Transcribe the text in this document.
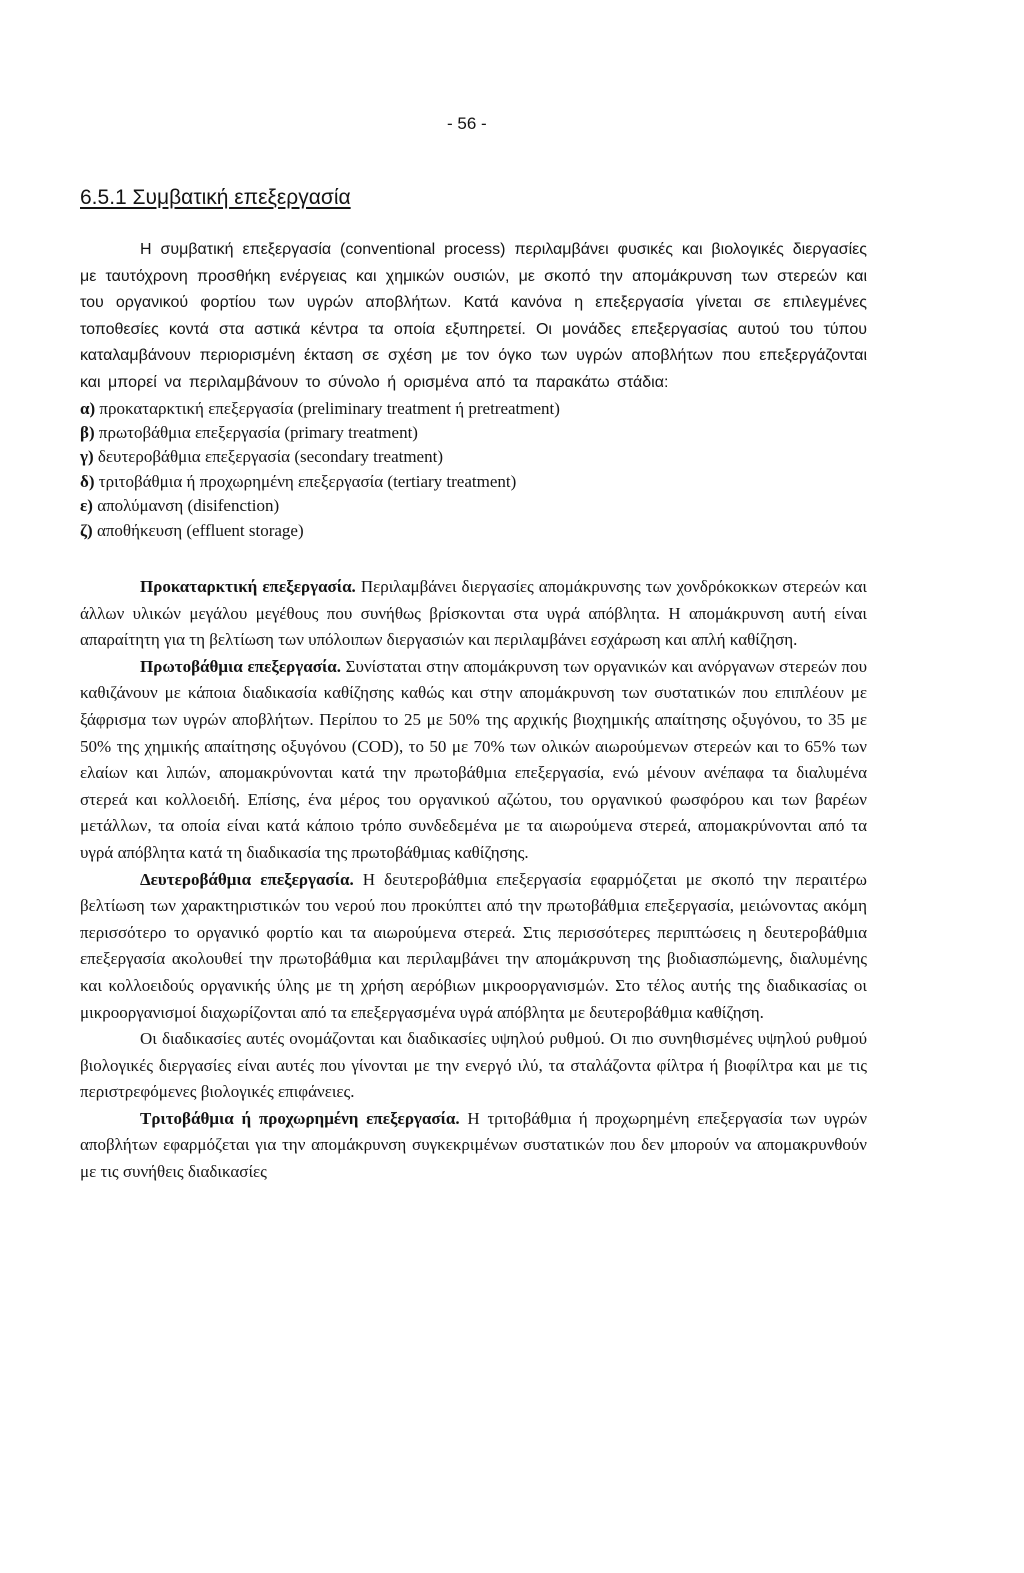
- 56 -
6.5.1 Συμβατική επεξεργασία

Η συμβατική επεξεργασία (conventional process) περιλαμβάνει φυσικές και βιολογικές διεργασίες με ταυτόχρονη προσθήκη ενέργειας και χημικών ουσιών, με σκοπό την απομάκρυνση των στερεών και του οργανικού φορτίου των υγρών αποβλήτων. Κατά κανόνα η επεξεργασία γίνεται σε επιλεγμένες τοποθεσίες κοντά στα αστικά κέντρα τα οποία εξυπηρετεί. Οι μονάδες επεξεργασίας αυτού του τύπου καταλαμβάνουν περιορισμένη έκταση σε σχέση με τον όγκο των υγρών αποβλήτων που επεξεργάζονται και μπορεί να περιλαμβάνουν το σύνολο ή ορισμένα από τα παρακάτω στάδια:

α) προκαταρκτική επεξεργασία (preliminary treatment ή pretreatment)
β) πρωτοβάθμια επεξεργασία (primary treatment)
γ) δευτεροβάθμια επεξεργασία (secondary treatment)
δ) τριτοβάθμια ή προχωρημένη επεξεργασία (tertiary treatment)
ε) απολύμανση (disifenction)
ζ) αποθήκευση (effluent storage)

Προκαταρκτική επεξεργασία. Περιλαμβάνει διεργασίες απομάκρυνσης των χονδρόκοκκων στερεών και άλλων υλικών μεγάλου μεγέθους που συνήθως βρίσκονται στα υγρά απόβλητα. Η απομάκρυνση αυτή είναι απαραίτητη για τη βελτίωση των υπόλοιπων διεργασιών και περιλαμβάνει εσχάρωση και απλή καθίζηση.

Πρωτοβάθμια επεξεργασία. Συνίσταται στην απομάκρυνση των οργανικών και ανόργανων στερεών που καθιζάνουν με κάποια διαδικασία καθίζησης καθώς και στην απομάκρυνση των συστατικών που επιπλέουν με ξάφρισμα των υγρών αποβλήτων. Περίπου το 25 με 50% της αρχικής βιοχημικής απαίτησης οξυγόνου, το 35 με 50% της χημικής απαίτησης οξυγόνου (COD), το 50 με 70% των ολικών αιωρούμενων στερεών και το 65% των ελαίων και λιπών, απομακρύνονται κατά την πρωτοβάθμια επεξεργασία, ενώ μένουν ανέπαφα τα διαλυμένα στερεά και κολλοειδή. Επίσης, ένα μέρος του οργανικού αζώτου, του οργανικού φωσφόρου και των βαρέων μετάλλων, τα οποία είναι κατά κάποιο τρόπο συνδεδεμένα με τα αιωρούμενα στερεά, απομακρύνονται από τα υγρά απόβλητα κατά τη διαδικασία της πρωτοβάθμιας καθίζησης.

Δευτεροβάθμια επεξεργασία. Η δευτεροβάθμια επεξεργασία εφαρμόζεται με σκοπό την περαιτέρω βελτίωση των χαρακτηριστικών του νερού που προκύπτει από την πρωτοβάθμια επεξεργασία, μειώνοντας ακόμη περισσότερο το οργανικό φορτίο και τα αιωρούμενα στερεά. Στις περισσότερες περιπτώσεις η δευτεροβάθμια επεξεργασία ακολουθεί την πρωτοβάθμια και περιλαμβάνει την απομάκρυνση της βιοδιασπώμενης, διαλυμένης και κολλοειδούς οργανικής ύλης με τη χρήση αερόβιων μικροοργανισμών. Στο τέλος αυτής της διαδικασίας οι μικροοργανισμοί διαχωρίζονται από τα επεξεργασμένα υγρά απόβλητα με δευτεροβάθμια καθίζηση.

Οι διαδικασίες αυτές ονομάζονται και διαδικασίες υψηλού ρυθμού. Οι πιο συνηθισμένες υψηλού ρυθμού βιολογικές διεργασίες είναι αυτές που γίνονται με την ενεργό ιλύ, τα σταλάζοντα φίλτρα ή βιοφίλτρα και με τις περιστρεφόμενες βιολογικές επιφάνειες.

Τριτοβάθμια ή προχωρημένη επεξεργασία. Η τριτοβάθμια ή προχωρημένη επεξεργασία των υγρών αποβλήτων εφαρμόζεται για την απομάκρυνση συγκεκριμένων συστατικών που δεν μπορούν να απομακρυνθούν με τις συνήθεις διαδικασίες
